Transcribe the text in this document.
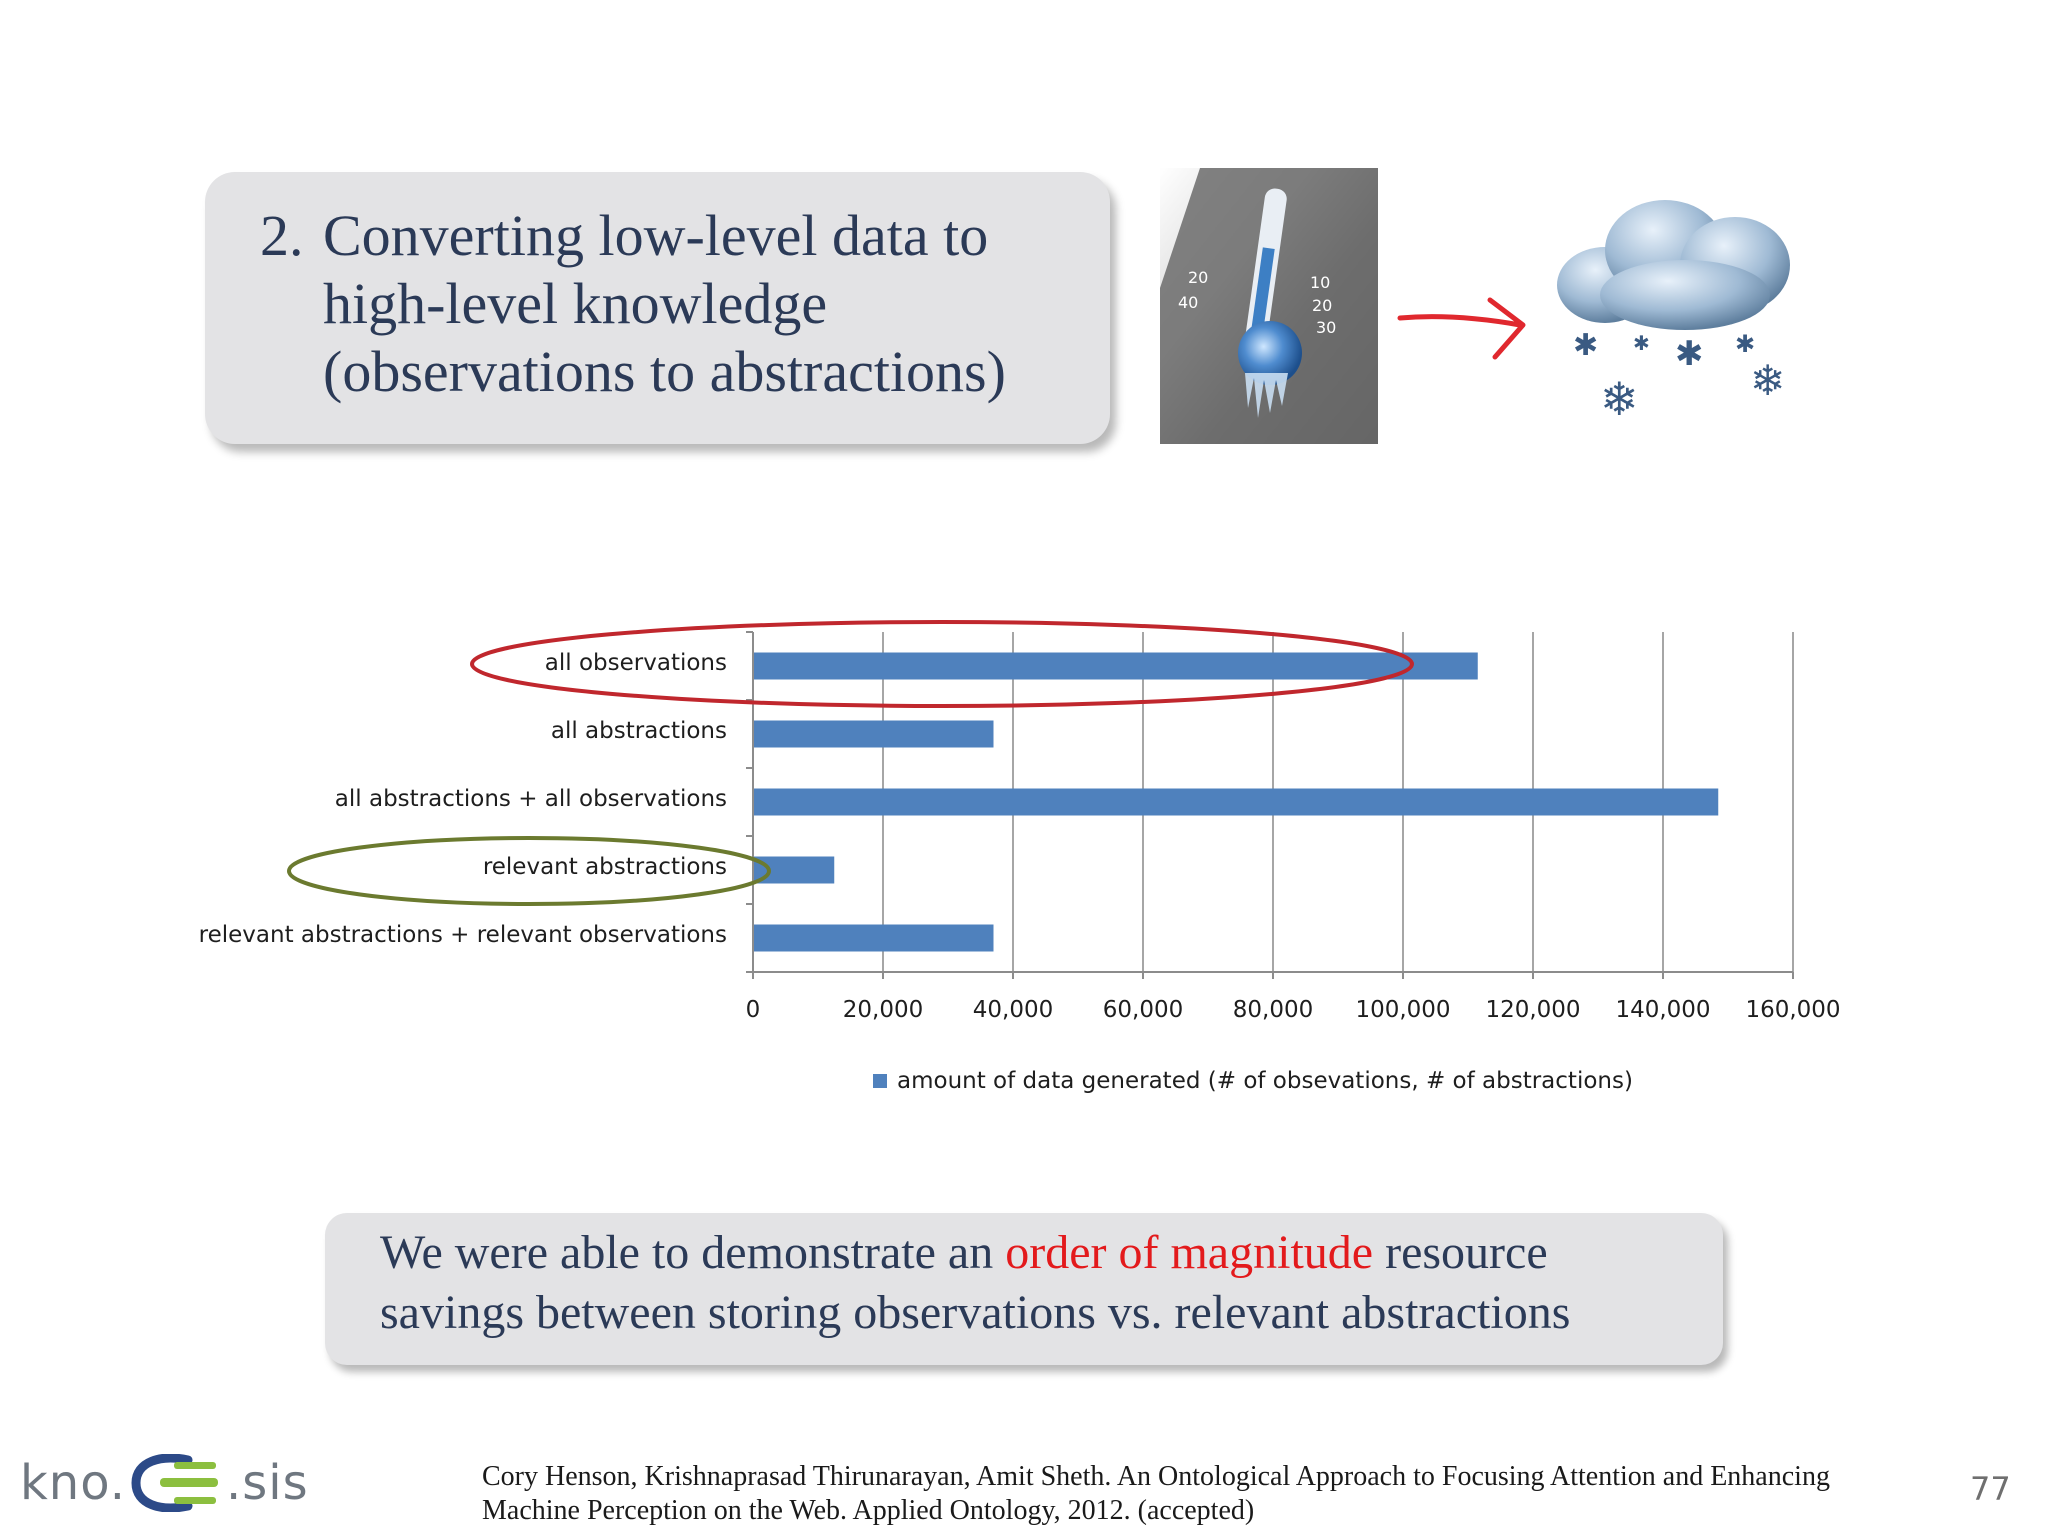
2. Converting low-level data to
high-level knowledge
(observations to abstractions)
20
40
10
20
30
✱ ✱ ✱ ✱
❄	❄
all observations
all abstractions
all abstractions + all observations
relevant abstractions
relevant abstractions + relevant observations
0	20,000 40,000 60,000 80,000 100,000 120,000 140,000 160,000
amount of data generated (# of obsevations, # of abstractions)
We were able to demonstrate an order of magnitude resource
savings between storing observations vs. relevant abstractions
kno. .sis	Cory Henson, Krishnaprasad Thirunarayan, Amit Sheth. An Ontological Approach to Focusing Attention and Enhancing
Machine Perception on the Web. Applied Ontology, 2012. (accepted)
77
